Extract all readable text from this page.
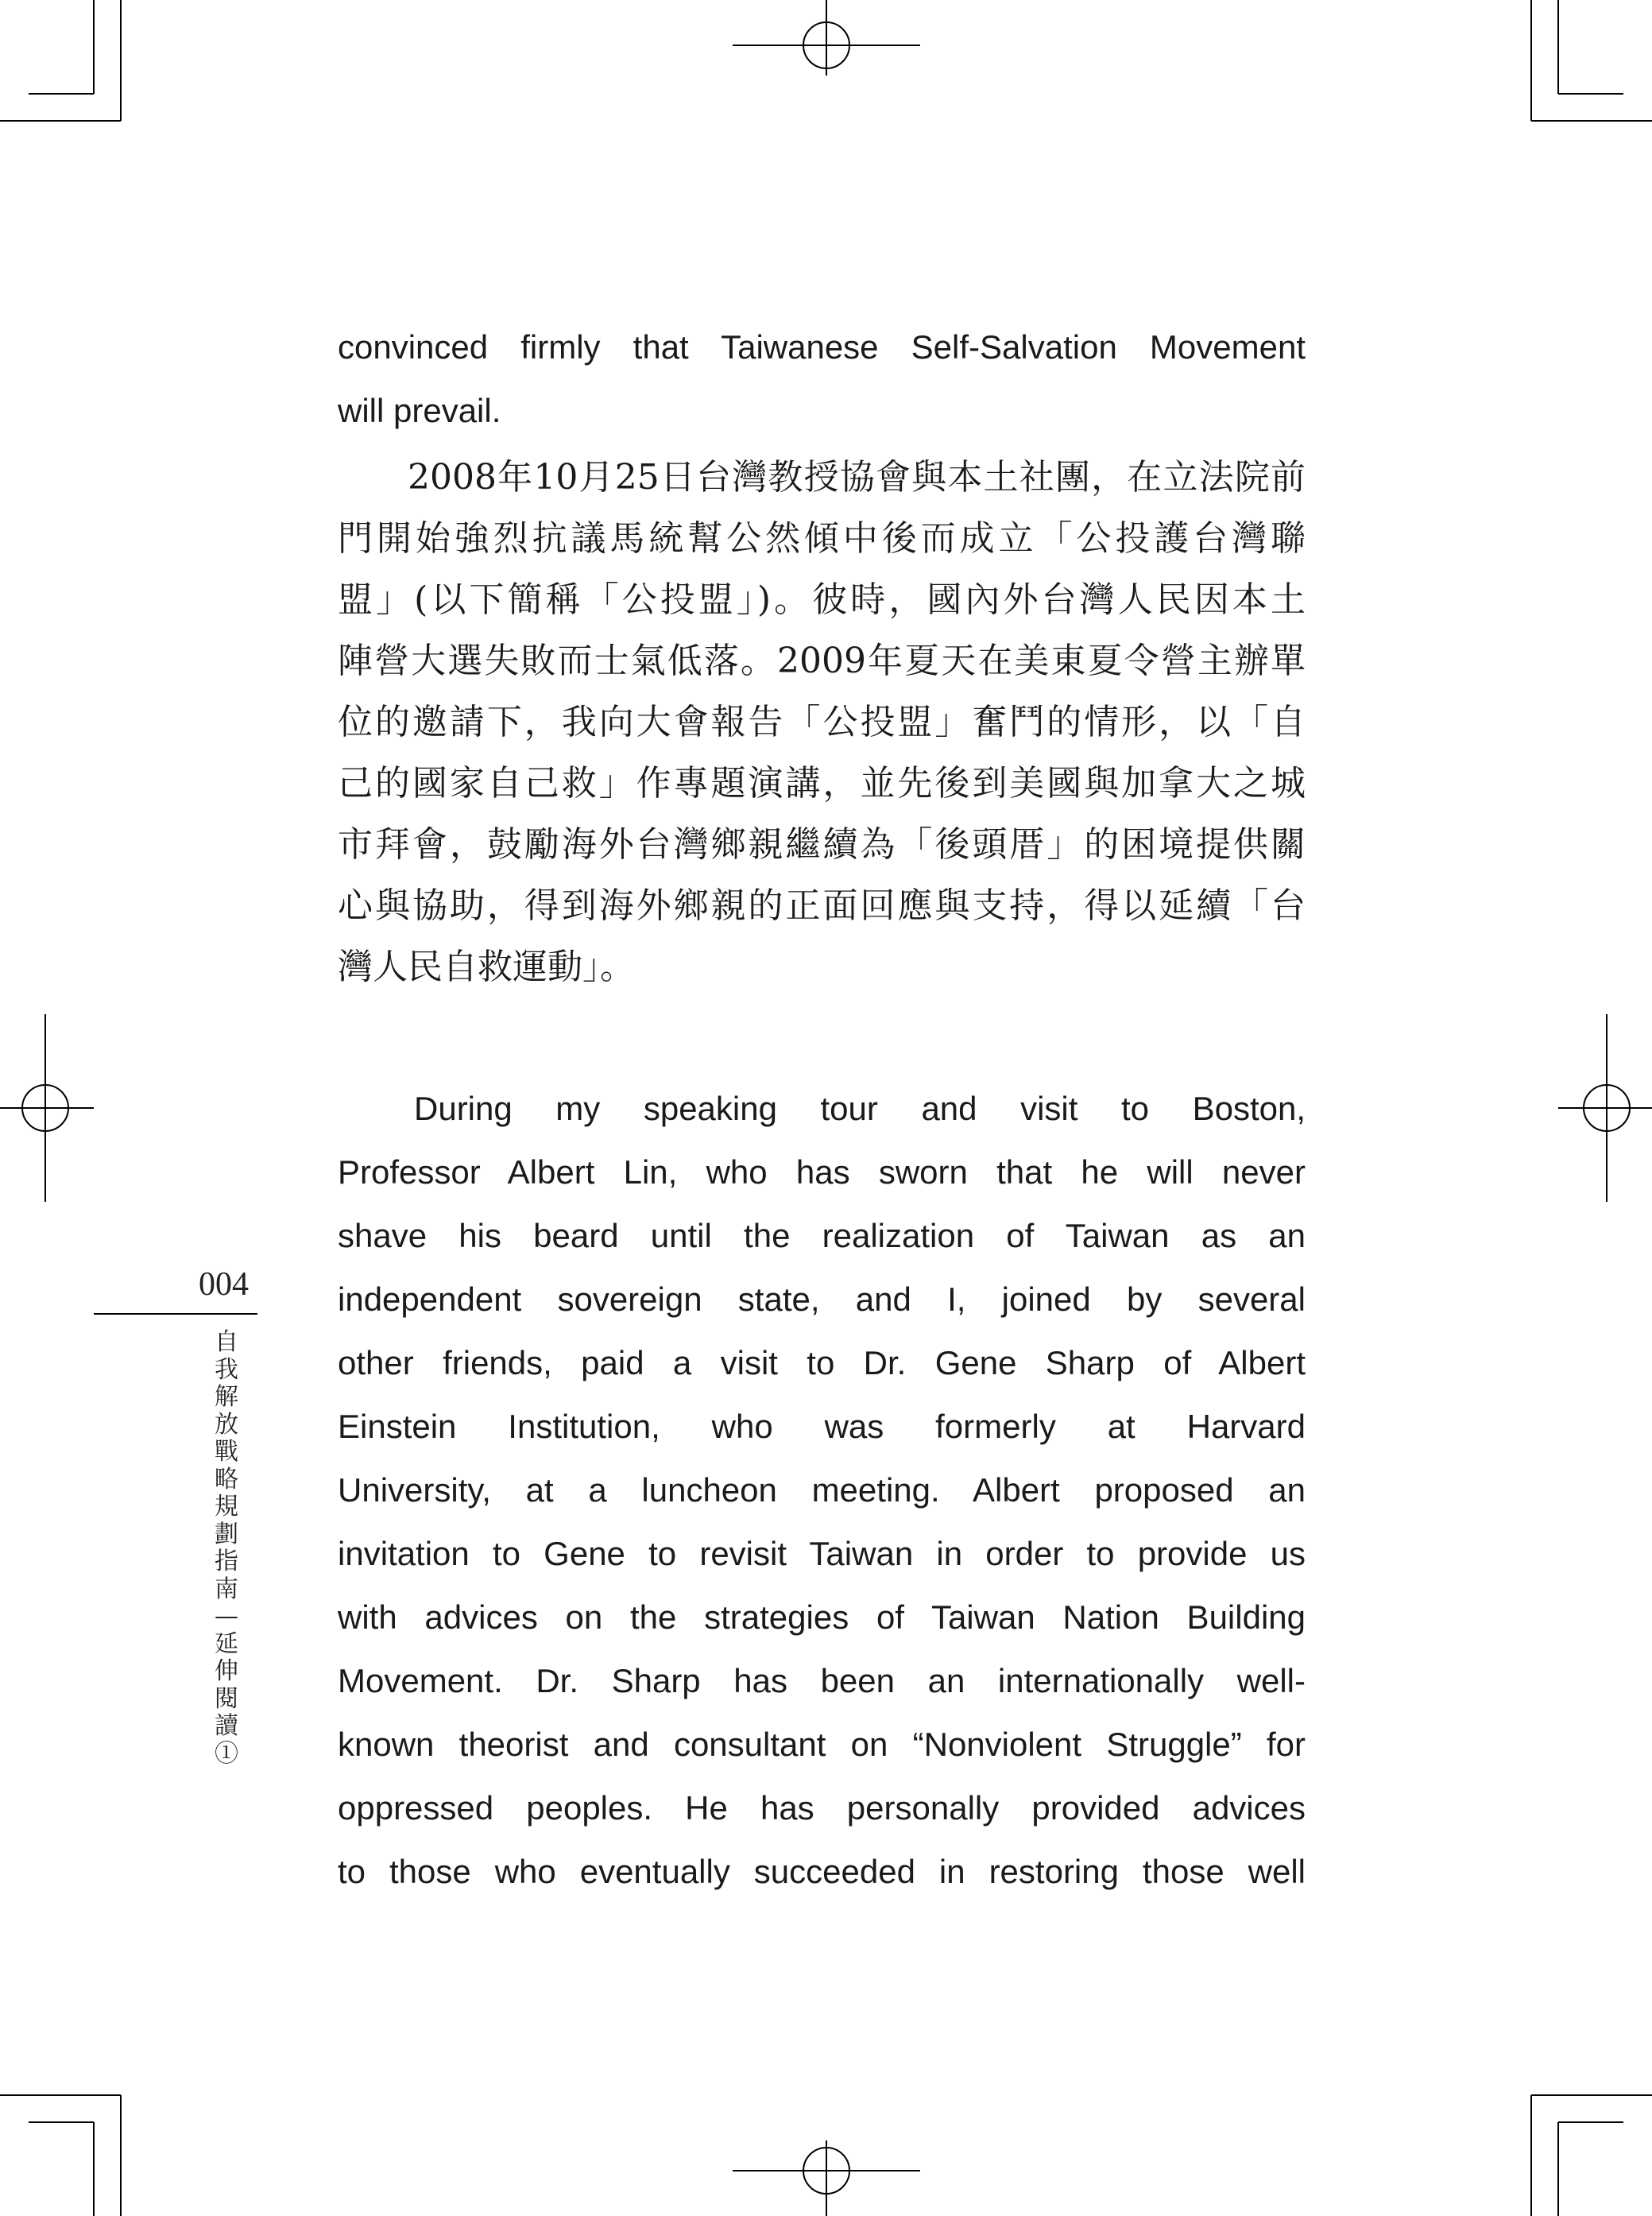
convinced firmly that Taiwanese Self-Salvation Movement
will prevail.
2008年10月25日台灣教授協會與本土社團，在立法院前
門開始強烈抗議馬統幫公然傾中後而成立「公投護台灣聯
盟」(以下簡稱「公投盟」)。彼時，國內外台灣人民因本土
陣營大選失敗而士氣低落。2009年夏天在美東夏令營主辦單
位的邀請下，我向大會報告「公投盟」奮鬥的情形，以「自
己的國家自己救」作專題演講，並先後到美國與加拿大之城
市拜會，鼓勵海外台灣鄉親繼續為「後頭厝」的困境提供關
心與協助，得到海外鄉親的正面回應與支持，得以延續「台
灣人民自救運動」。
During my speaking tour and visit to Boston,
Professor Albert Lin, who has sworn that he will never
shave his beard until the realization of Taiwan as an
independent sovereign state, and I, joined by several
other friends, paid a visit to Dr. Gene Sharp of Albert
Einstein Institution, who was formerly at Harvard
University, at a luncheon meeting. Albert proposed an
invitation to Gene to revisit Taiwan in order to provide us
with advices on the strategies of Taiwan Nation Building
Movement. Dr. Sharp has been an internationally well-
known theorist and consultant on “Nonviolent Struggle” for
oppressed peoples. He has personally provided advices
to those who eventually succeeded in restoring those well
004
自我解放戰略規劃指南—延伸閱讀①
